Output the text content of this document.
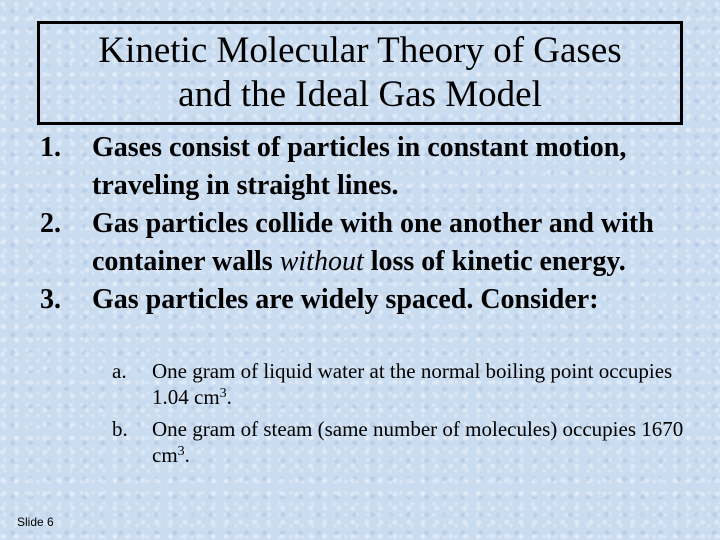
Kinetic Molecular Theory of Gases
and the Ideal Gas Model
1. Gases consist of particles in constant motion, traveling in straight lines.
2. Gas particles collide with one another and with container walls without loss of kinetic energy.
3. Gas particles are widely spaced. Consider:
a. One gram of liquid water at the normal boiling point occupies 1.04 $cm^3$.
b. One gram of steam (same number of molecules) occupies 1670 $cm^3$.
Slide 6
